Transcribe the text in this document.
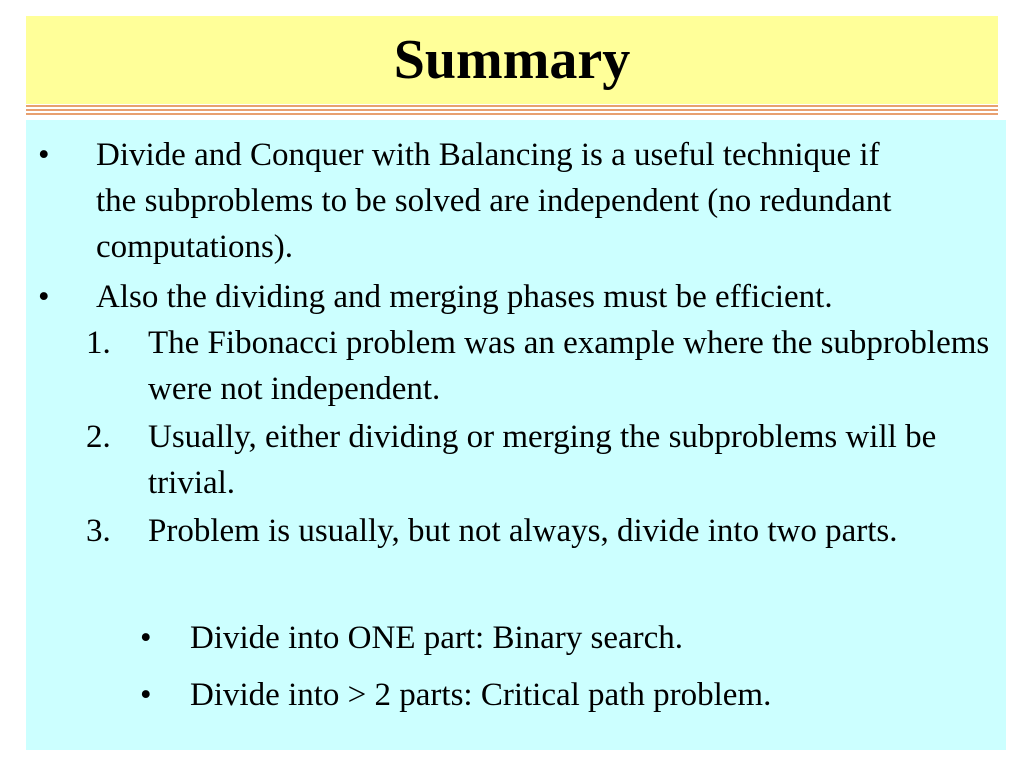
Summary
• Divide and Conquer with Balancing is a useful technique if the subproblems to be solved are independent (no redundant computations).
• Also the dividing and merging phases must be efficient.
1. The Fibonacci problem was an example where the subproblems were not independent.
2. Usually, either dividing or merging the subproblems will be trivial.
3. Problem is usually, but not always, divide into two parts.
• Divide into ONE part: Binary search.
• Divide into > 2 parts: Critical path problem.
